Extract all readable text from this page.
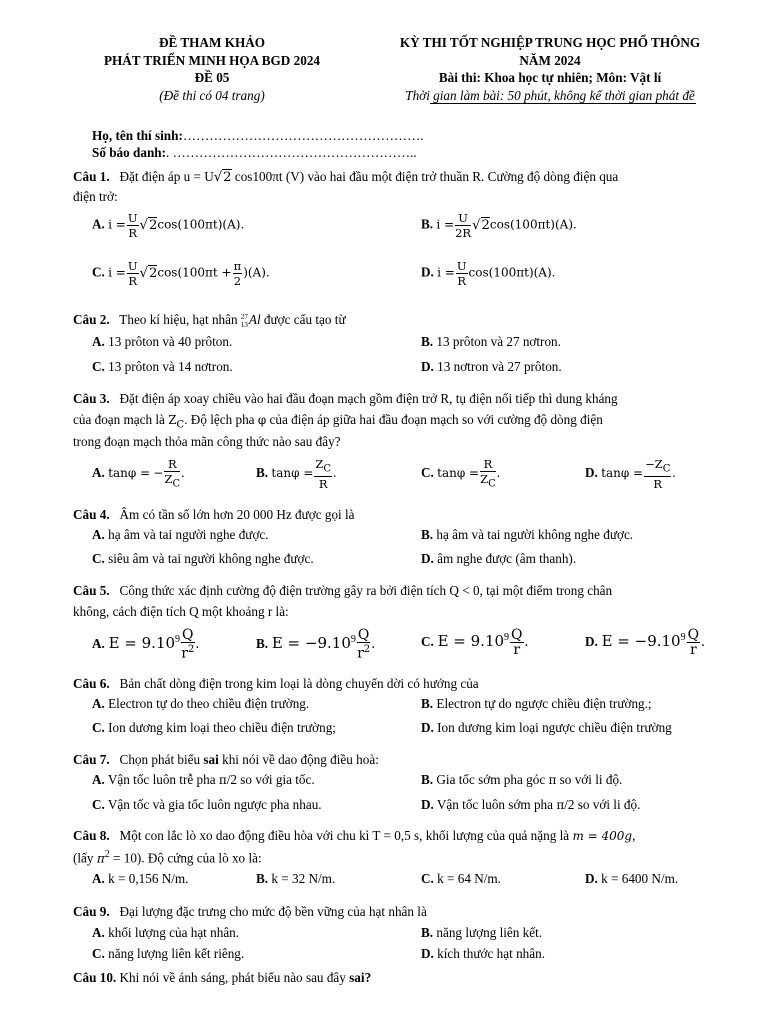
ĐỀ THAM KHẢO
PHÁT TRIỂN MINH HỌA BGD 2024
ĐỀ 05
(Đề thi có 04 trang)
KỲ THI TỐT NGHIỆP TRUNG HỌC PHỔ THÔNG
NĂM 2024
Bài thi: Khoa học tự nhiên; Môn: Vật lí
Thời gian làm bài: 50 phút, không kể thời gian phát đề
Họ, tên thí sinh:……………………………………………….
Số báo danh:. ………………………………………………..
Câu 1. Đặt điện áp u = U√2 cos100πt (V) vào hai đầu một điện trở thuần R. Cường độ dòng điện qua
điện trở:
A. $i = \frac{U}{R} √2\cos(100\pi t)(A)$.	B. $i = \frac{U}{2R} √2\cos(100\pi t)(A)$.
C. $i = \frac{U}{R} √2\cos(100\pi t + \frac{\pi}{2} )(A)$.	D. $i = \frac{U}{R} \cos(100\pi t)(A)$.
Câu 2. Theo kí hiệu, hạt nhân 27
13 Al được cấu tạo từ
A. 13 prôton và 40 prôton.	B. 13 prôton và 27 nơtron.
C. 13 prôton và 14 nơtron.	D. 13 nơtron và 27 prôton.
Câu 3. Đặt điện áp xoay chiều vào hai đầu đoạn mạch gồm điện trở R, tụ điện nối tiếp thì dung kháng
của đoạn mạch là $Z_C$. Độ lệch pha φ của điện áp giữa hai đầu đoạn mạch so với cường độ dòng điện
trong đoạn mạch thỏa mãn công thức nào sau đây?
A. tanφ = − $\frac{R}{Z_C}$ .	B. $\tan\varphi = \frac{Z_C}{R}$ .	C. $\tan\varphi = \frac{R}{Z_C}$ .	D. $\tan\varphi = \frac{-Z_C}{R}$ .
Câu 4. Âm có tần số lớn hơn 20 000 Hz được gọi là
A. hạ âm và tai người nghe được.	B. hạ âm và tai người không nghe được.
C. siêu âm và tai người không nghe được.	D. âm nghe được (âm thanh).
Câu 5. Công thức xác định cường độ điện trường gây ra bởi điện tích Q < 0, tại một điểm trong chân
không, cách điện tích Q một khoảng r là:
A. $E = 9.10^9 \frac{Q}{r^2}$ .	B. $E = -9.10^9 \frac{Q}{r^2}$ .	C. $E = 9.10^9 \frac{Q}{r}$ .	D. $E = -9.10^9 \frac{Q}{r}$ .
Câu 6. Bản chất dòng điện trong kim loại là dòng chuyển dời có hướng của
A. Electron tự do theo chiều điện trường.	B. Electron tự do ngược chiều điện trường.;
C. Ion dương kim loại theo chiều điện trường;	D. Ion dương kim loại ngược chiều điện trường
Câu 7. Chọn phát biểu sai khi nói về dao động điều hoà:
A. Vận tốc luôn trễ pha π/2 so với gia tốc.	B. Gia tốc sớm pha góc π so với li độ.
C. Vận tốc và gia tốc luôn ngược pha nhau.	D. Vận tốc luôn sớm pha π/2 so với li độ.
Câu 8. Một con lắc lò xo dao động điều hòa với chu kì T = 0,5 s, khối lượng của quả nặng là m = 400g,
(lấy $\pi^2 = 10$). Độ cứng của lò xo là:
A. k = 0,156 N/m.	B. k = 32 N/m.	C. k = 64 N/m.	D. k = 6400 N/m.
Câu 9. Đại lượng đặc trưng cho mức độ bền vững của hạt nhân là
A. khối lượng của hạt nhân.	B. năng lượng liên kết.
C. năng lượng liên kết riêng.	D. kích thước hạt nhân.
Câu 10. Khi nói về ánh sáng, phát biểu nào sau đây sai?
